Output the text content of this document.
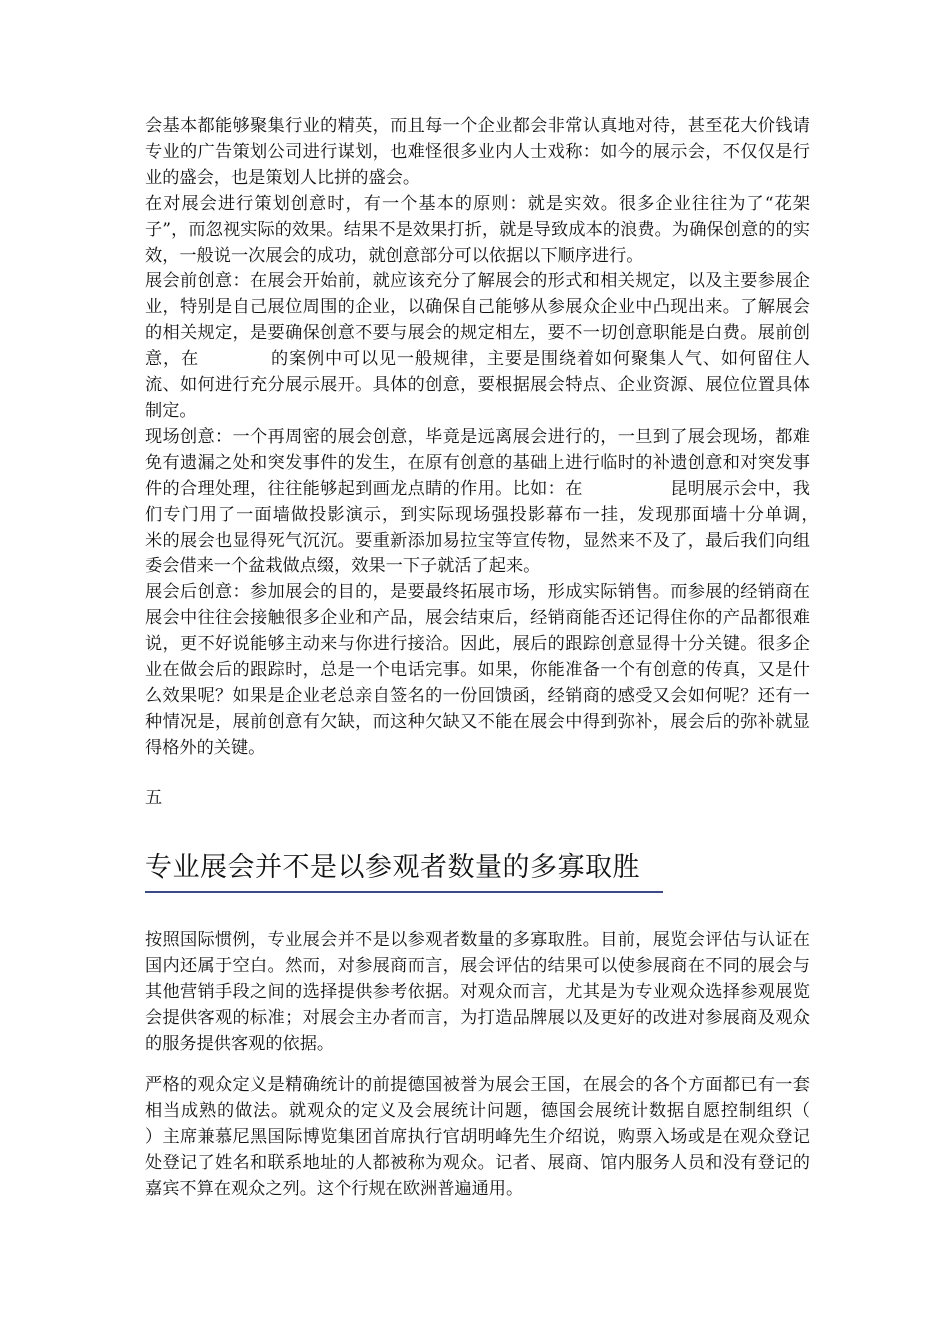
会基本都能够聚集行业的精英，而且每一个企业都会非常认真地对待，甚至花大价钱请专业的广告策划公司进行谋划，也难怪很多业内人士戏称：如今的展示会，不仅仅是行业的盛会，也是策划人比拼的盛会。

在对展会进行策划创意时，有一个基本的原则：就是实效。很多企业往往为了“花架子”，而忽视实际的效果。结果不是效果打折，就是导致成本的浪费。为确保创意的的实效，一般说一次展会的成功，就创意部分可以依据以下顺序进行。

展会前创意：在展会开始前，就应该充分了解展会的形式和相关规定，以及主要参展企业，特别是自己展位周围的企业，以确保自己能够从参展众企业中凸现出来。了解展会的相关规定，是要确保创意不要与展会的规定相左，要不一切创意职能是白费。展前创意，在　　　　的案例中可以见一般规律，主要是围绕着如何聚集人气、如何留住人流、如何进行充分展示展开。具体的创意，要根据展会特点、企业资源、展位位置具体制定。

现场创意：一个再周密的展会创意，毕竟是远离展会进行的，一旦到了展会现场，都难免有遗漏之处和突发事件的发生，在原有创意的基础上进行临时的补遗创意和对突发事件的合理处理，往往能够起到画龙点睛的作用。比如：在　　　　　昆明展示会中，我们专门用了一面墙做投影演示，到实际现场强投影幕布一挂，发现那面墙十分单调，　　米的展会也显得死气沉沉。要重新添加易拉宝等宣传物，显然来不及了，最后我们向组委会借来一个盆栽做点缀，效果一下子就活了起来。

展会后创意：参加展会的目的，是要最终拓展市场，形成实际销售。而参展的经销商在展会中往往会接触很多企业和产品，展会结束后，经销商能否还记得住你的产品都很难说，更不好说能够主动来与你进行接洽。因此，展后的跟踪创意显得十分关键。很多企业在做会后的跟踪时，总是一个电话完事。如果，你能准备一个有创意的传真，又是什么效果呢？如果是企业老总亲自签名的一份回馈函，经销商的感受又会如何呢？还有一种情况是，展前创意有欠缺，而这种欠缺又不能在展会中得到弥补，展会后的弥补就显得格外的关键。

五
专业展会并不是以参观者数量的多寡取胜

按照国际惯例，专业展会并不是以参观者数量的多寡取胜。目前，展览会评估与认证在国内还属于空白。然而，对参展商而言，展会评估的结果可以使参展商在不同的展会与其他营销手段之间的选择提供参考依据。对观众而言，尤其是为专业观众选择参观展览会提供客观的标准；对展会主办者而言，为打造品牌展以及更好的改进对参展商及观众的服务提供客观的依据。

严格的观众定义是精确统计的前提德国被誉为展会王国，在展会的各个方面都已有一套相当成熟的做法。就观众的定义及会展统计问题，德国会展统计数据自愿控制组织（　　）主席兼慕尼黑国际博览集团首席执行官胡明峰先生介绍说，购票入场或是在观众登记处登记了姓名和联系地址的人都被称为观众。记者、展商、馆内服务人员和没有登记的嘉宾不算在观众之列。这个行规在欧洲普遍通用。
